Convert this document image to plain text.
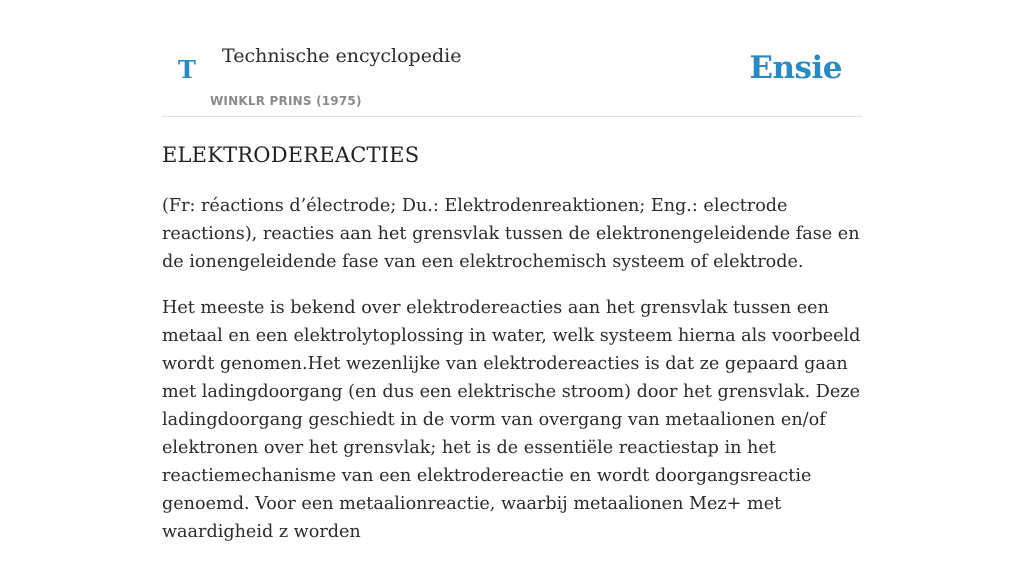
T Technische encyclopedie
WINKLR PRINS (1975)
Ensie
ELEKTRODEREACTIES

(Fr: réactions d’électrode; Du.: Elektrodenreaktionen; Eng.: electrode reactions), reacties aan het grensvlak tussen de elektronengeleidende fase en de ionengeleidende fase van een elektrochemisch systeem of elektrode.

Het meeste is bekend over elektrodereacties aan het grensvlak tussen een metaal en een elektrolytoplossing in water, welk systeem hierna als voorbeeld wordt genomen.Het wezenlijke van elektrodereacties is dat ze gepaard gaan met ladingdoorgang (en dus een elektrische stroom) door het grensvlak. Deze ladingdoorgang geschiedt in de vorm van overgang van metaalionen en/of elektronen over het grensvlak; het is de essentiële reactiestap in het reactiemechanisme van een elektrodereactie en wordt doorgangsreactie genoemd. Voor een metaalionreactie, waarbij metaalionen Mez+ met waardigheid z worden
